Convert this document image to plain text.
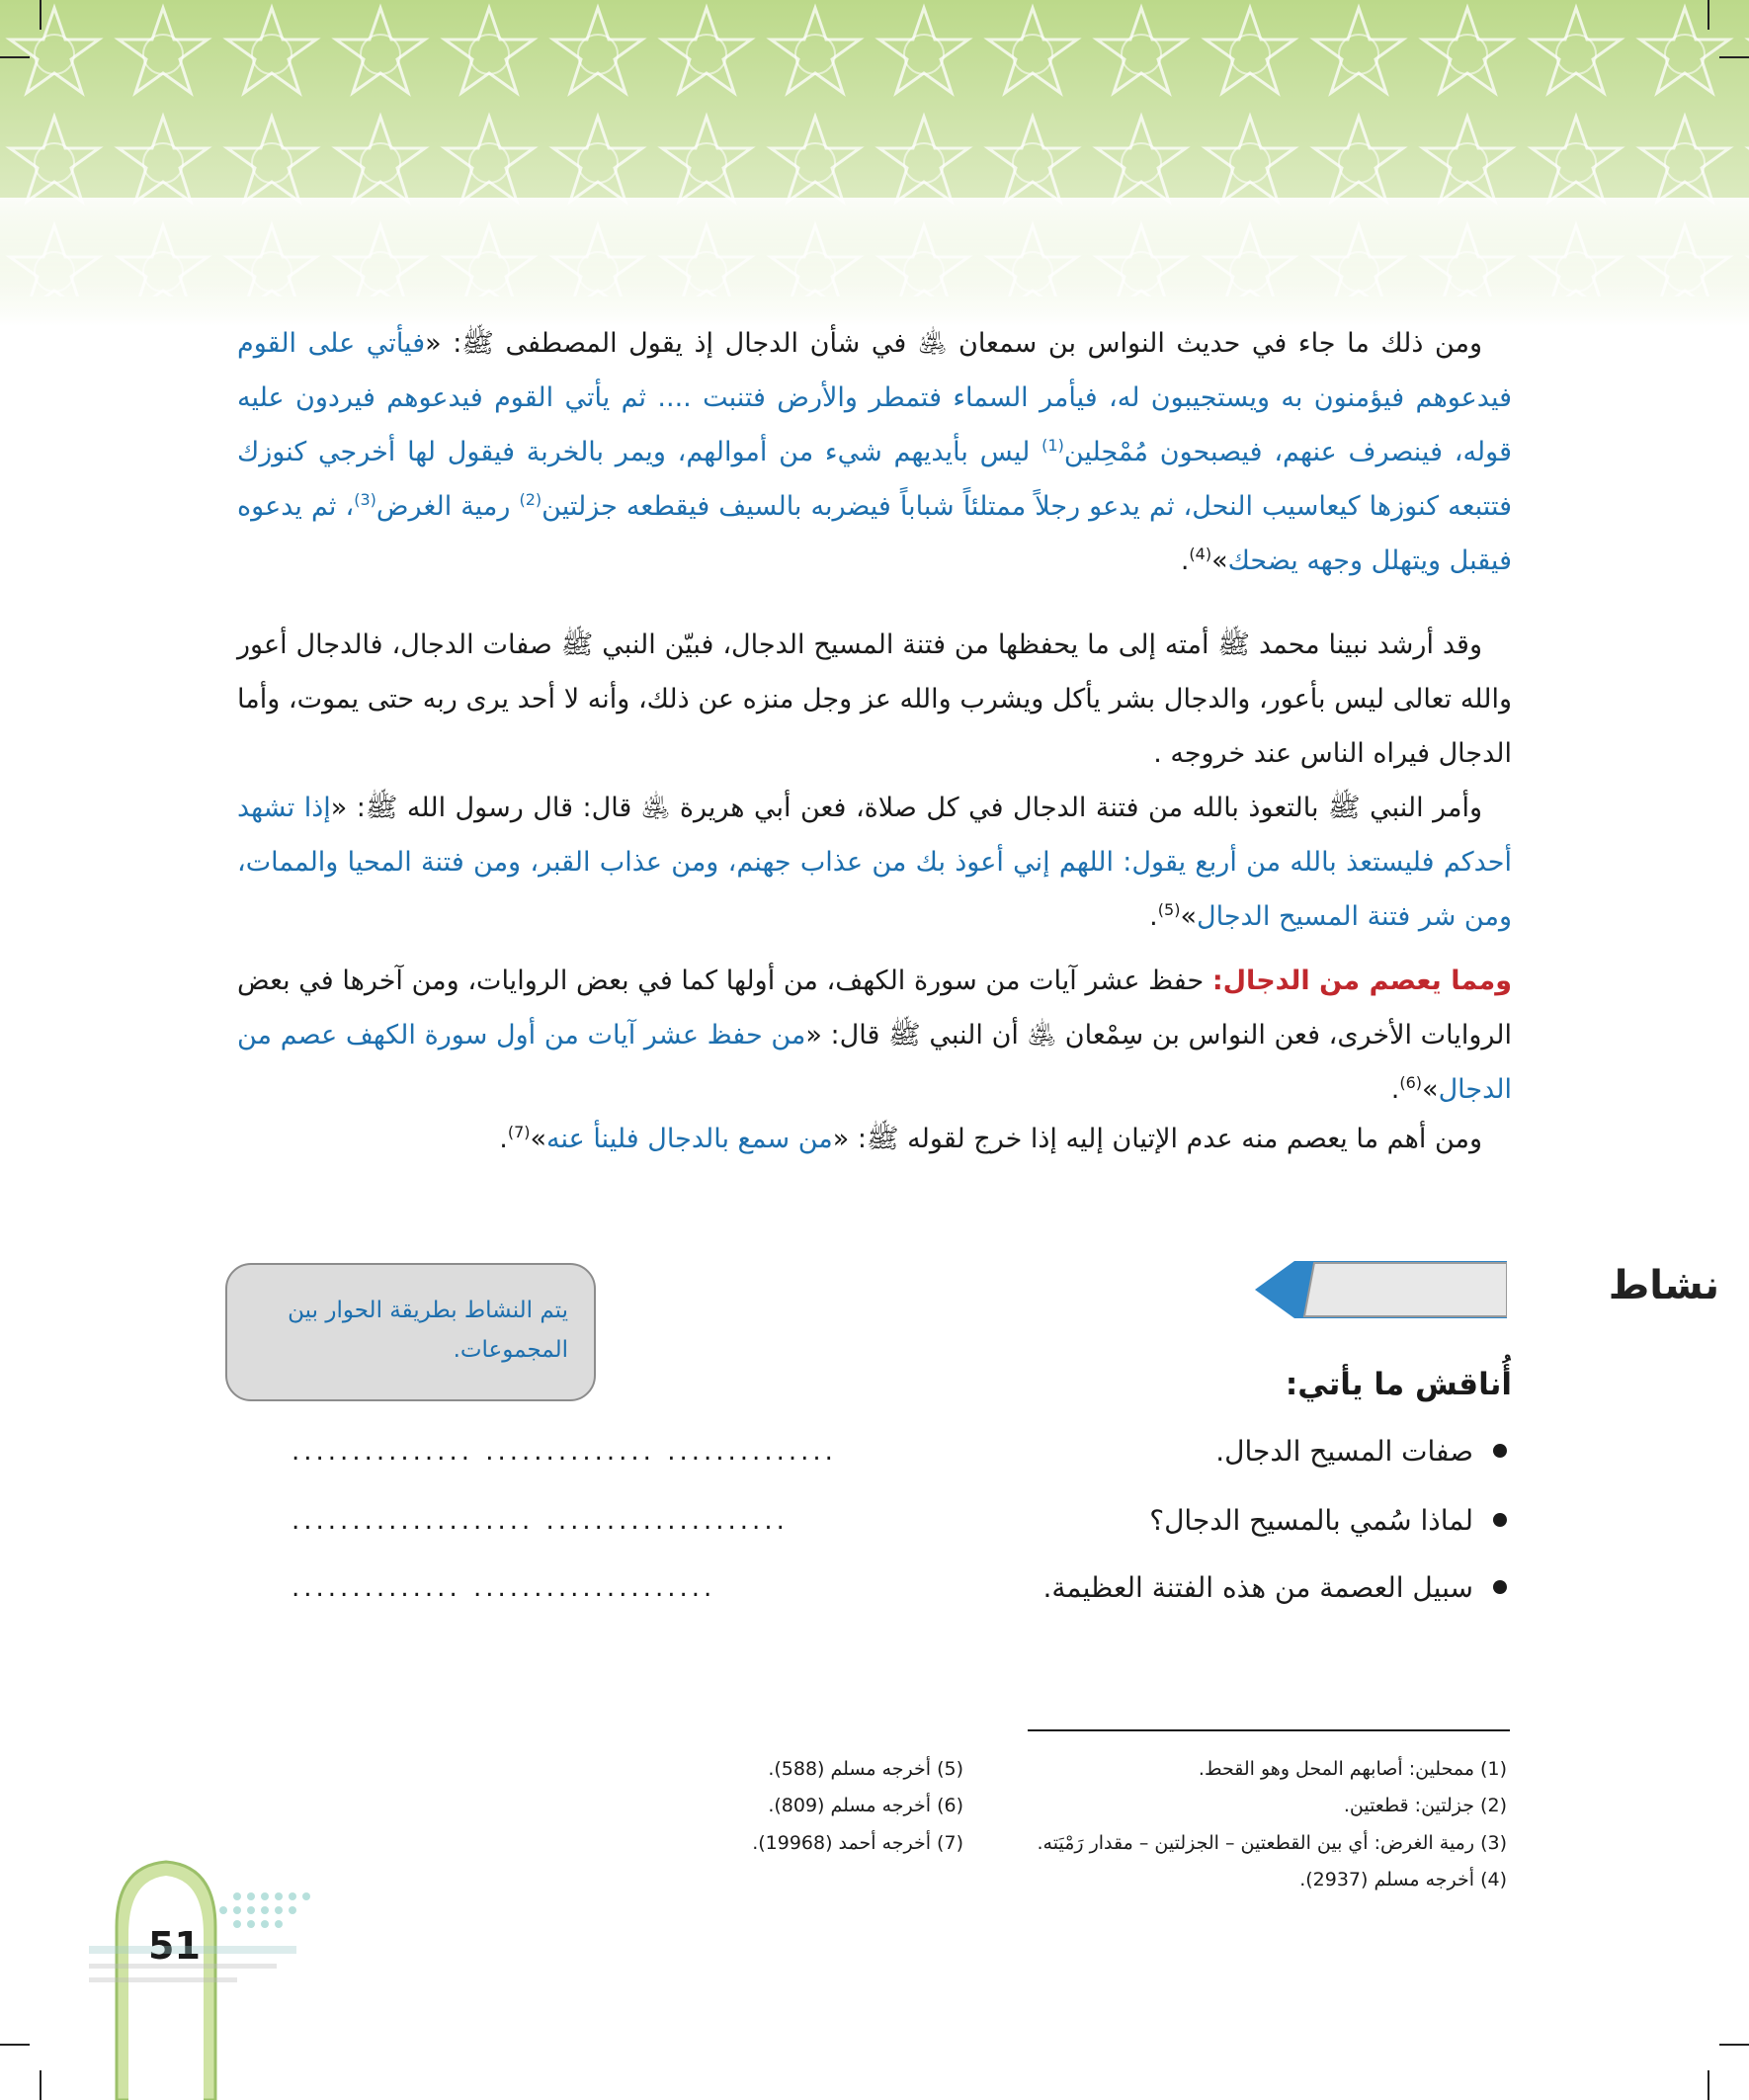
ومن ذلك ما جاء في حديث النواس بن سمعان ﵁ في شأن الدجال إذ يقول المصطفى ﷺ: «فيأتي على القوم فيدعوهم فيؤمنون به ويستجيبون له، فيأمر السماء فتمطر والأرض فتنبت .... ثم يأتي القوم فيدعوهم فيردون عليه قوله، فينصرف عنهم، فيصبحون مُمْحِلين$^{(1)}$ ليس بأيديهم شيء من أموالهم، ويمر بالخربة فيقول لها أخرجي كنوزك فتتبعه كنوزها كيعاسيب النحل، ثم يدعو رجلاً ممتلئاً شباباً فيضربه بالسيف فيقطعه جزلتين$^{(2)}$ رمية الغرض$^{(3)}$، ثم يدعوه فيقبل ويتهلل وجهه يضحك»$^{(4)}$.

وقد أرشد نبينا محمد ﷺ أمته إلى ما يحفظها من فتنة المسيح الدجال، فبيّن النبي ﷺ صفات الدجال، فالدجال أعور والله تعالى ليس بأعور، والدجال بشر يأكل ويشرب والله عز وجل منزه عن ذلك، وأنه لا أحد يرى ربه حتى يموت، وأما الدجال فيراه الناس عند خروجه .

وأمر النبي ﷺ بالتعوذ بالله من فتنة الدجال في كل صلاة، فعن أبي هريرة ﵁ قال: قال رسول الله ﷺ: «إذا تشهد أحدكم فليستعذ بالله من أربع يقول: اللهم إني أعوذ بك من عذاب جهنم، ومن عذاب القبر، ومن فتنة المحيا والممات، ومن شر فتنة المسيح الدجال»$^{(5)}$.

ومما يعصم من الدجال: حفظ عشر آيات من سورة الكهف، من أولها كما في بعض الروايات، ومن آخرها في بعض الروايات الأخرى، فعن النواس بن سِمْعان ﵁ أن النبي ﷺ قال: «من حفظ عشر آيات من أول سورة الكهف عصم من الدجال»$^{(6)}$.

ومن أهم ما يعصم منه عدم الإتيان إليه إذا خرج لقوله ﷺ: «من سمع بالدجال فلينأ عنه»$^{(7)}$.

نشاط
يتم النشاط بطريقة الحوار بين المجموعات.
أُناقش ما يأتي:
صفات المسيح الدجال.
.............. .............. ...............
لماذا سُمي بالمسيح الدجال؟
.................... ....................
سبيل العصمة من هذه الفتنة العظيمة.
.................... ..............
(1) ممحلين: أصابهم المحل وهو القحط.
(2) جزلتين: قطعتين.
(3) رمية الغرض: أي بين القطعتين – الجزلتين – مقدار رَمْيَته.
(4) أخرجه مسلم (2937).
(5) أخرجه مسلم (588).
(6) أخرجه مسلم (809).
(7) أخرجه أحمد (19968).
51
